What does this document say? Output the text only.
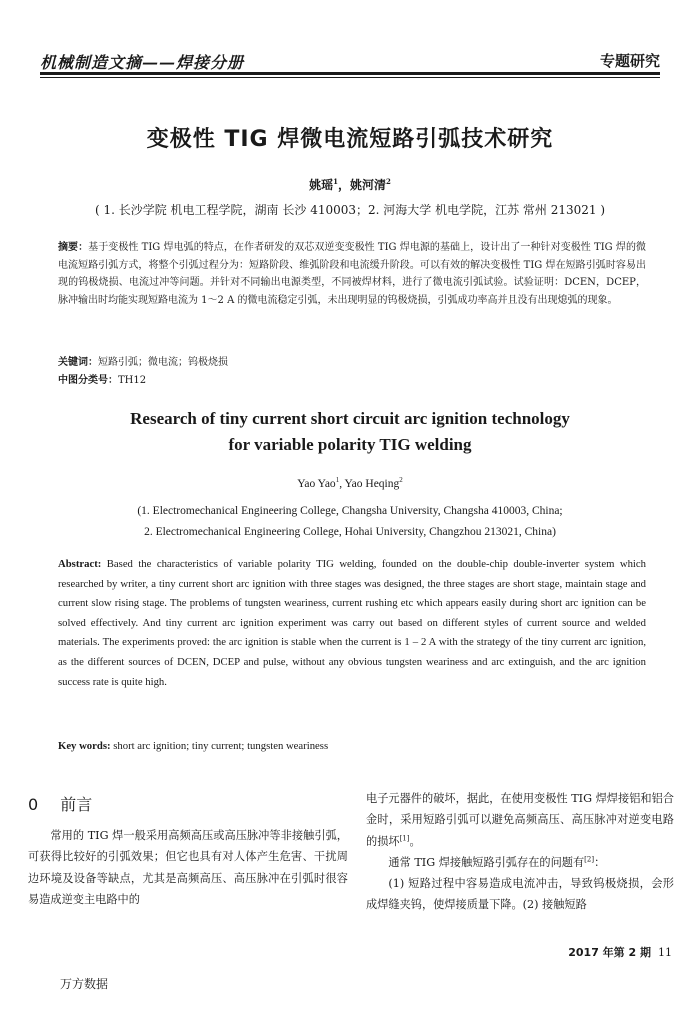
机械制造文摘——焊接分册	专题研究
变极性 TIG 焊微电流短路引弧技术研究
姚瑶$^1$，姚河清$^2$
( 1. 长沙学院 机电工程学院，湖南 长沙 410003；2. 河海大学 机电学院，江苏 常州 213021 )
摘要：基于变极性 TIG 焊电弧的特点，在作者研发的双芯双逆变变极性 TIG 焊电源的基础上，设计出了一种针对变极性 TIG 焊的微电流短路引弧方式，将整个引弧过程分为：短路阶段、维弧阶段和电流缓升阶段。可以有效的解决变极性 TIG 焊在短路引弧时容易出现的钨极烧损、电流过冲等问题。并针对不同输出电源类型，不同被焊材料，进行了微电流引弧试验。试验证明：DCEN，DCEP，脉冲输出时均能实现短路电流为 1～2 A 的微电流稳定引弧，未出现明显的钨极烧损，引弧成功率高并且没有出现熄弧的现象。
关键词：短路引弧；微电流；钨极烧损
中图分类号：TH12
Research of tiny current short circuit arc ignition technology
for variable polarity TIG welding
Yao Yao$^1$, Yao Heqing$^2$
(1. Electromechanical Engineering College, Changsha University, Changsha 410003, China;
2. Electromechanical Engineering College, Hohai University, Changzhou 213021, China)
Abstract: Based the characteristics of variable polarity TIG welding, founded on the double-chip double-inverter system which researched by writer, a tiny current short arc ignition with three stages was designed, the three stages are short stage, maintain stage and current slow rising stage. The problems of tungsten weariness, current rushing etc which appears easily during short arc ignition can be solved effectively. And tiny current arc ignition experiment was carry out based on different styles of current source and welded materials. The experiments proved: the arc ignition is stable when the current is 1 – 2 A with the strategy of the tiny current arc ignition, as the different sources of DCEN, DCEP and pulse, without any obvious tungsten weariness and arc extinguish, and the arc ignition success rate is quite high.
Key words: short arc ignition; tiny current; tungsten weariness
0 前言

常用的 TIG 焊一般采用高频高压或高压脉冲等非接触引弧，可获得比较好的引弧效果；但它也具有对人体产生危害、干扰周边环境及设备等缺点，尤其是高频高压、高压脉冲在引弧时很容易造成逆变主电路中的

电子元器件的破坏，据此，在使用变极性 TIG 焊焊接铝和铝合金时，采用短路引弧可以避免高频高压、高压脉冲对逆变电路的损坏[1]。

通常 TIG 焊接触短路引弧存在的问题有[2]：

(1) 短路过程中容易造成电流冲击，导致钨极烧损，会形成焊缝夹钨，使焊接质量下降。(2) 接触短路

2017 年第 2 期 11
万方数据
